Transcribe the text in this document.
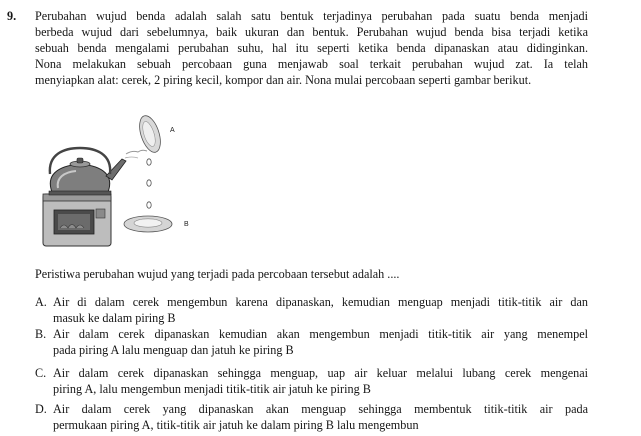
9. Perubahan wujud benda adalah salah satu bentuk terjadinya perubahan pada suatu benda menjadi
berbeda wujud dari sebelumnya, baik ukuran dan bentuk. Perubahan wujud benda bisa terjadi ketika
sebuah benda mengalami perubahan suhu, hal itu seperti ketika benda dipanaskan atau didinginkan.
Nona melakukan sebuah percobaan guna menjawab soal terkait perubahan wujud zat. Ia telah
menyiapkan alat: cerek, 2 piring kecil, kompor dan air. Nona mulai percobaan seperti gambar berikut.
A
B
Peristiwa perubahan wujud yang terjadi pada percobaan tersebut adalah ....
A. Air di dalam cerek mengembun karena dipanaskan, kemudian menguap menjadi titik-titik air dan
masuk ke dalam piring B
B. Air dalam cerek dipanaskan kemudian akan mengembun menjadi titik-titik air yang menempel
pada piring A lalu menguap dan jatuh ke piring B
C. Air dalam cerek dipanaskan sehingga menguap, uap air keluar melalui lubang cerek mengenai
piring A, lalu mengembun menjadi titik-titik air jatuh ke piring B
D. Air dalam cerek yang dipanaskan akan menguap sehingga membentuk titik-titik air pada
permukaan piring A, titik-titik air jatuh ke dalam piring B lalu mengembun
